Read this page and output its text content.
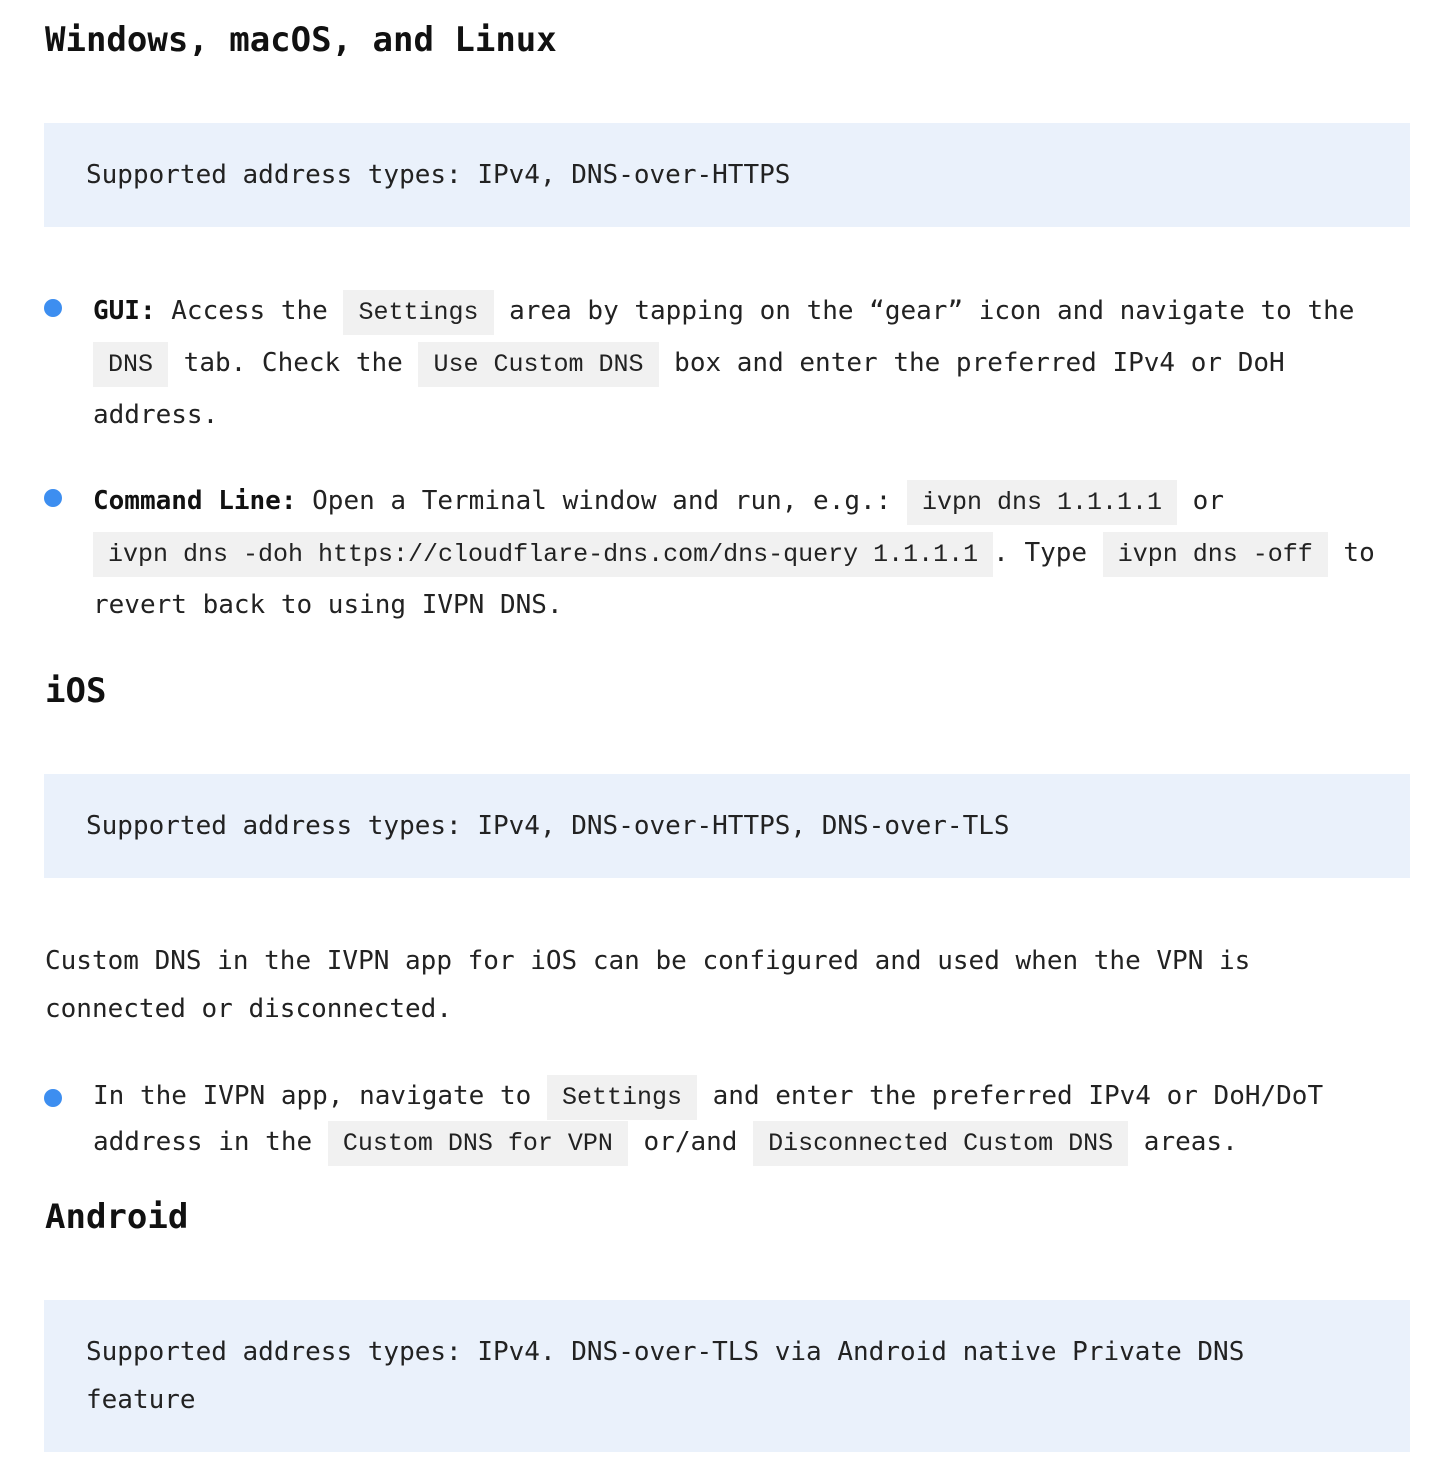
Windows, macOS, and Linux
Supported address types: IPv4, DNS-over-HTTPS

GUI: Access the Settings area by tapping on the “gear” icon and navigate to the DNS tab. Check the Use Custom DNS box and enter the preferred IPv4 or DoH address.

Command Line: Open a Terminal window and run, e.g.: ivpn dns 1.1.1.1 or ivpn dns -doh https://cloudflare-dns.com/dns-query 1.1.1.1 . Type ivpn dns -off to revert back to using IVPN DNS.

iOS
Supported address types: IPv4, DNS-over-HTTPS, DNS-over-TLS

Custom DNS in the IVPN app for iOS can be configured and used when the VPN is connected or disconnected.

In the IVPN app, navigate to Settings and enter the preferred IPv4 or DoH/DoT address in the Custom DNS for VPN or/and Disconnected Custom DNS areas.

Android
Supported address types: IPv4. DNS-over-TLS via Android native Private DNS feature
